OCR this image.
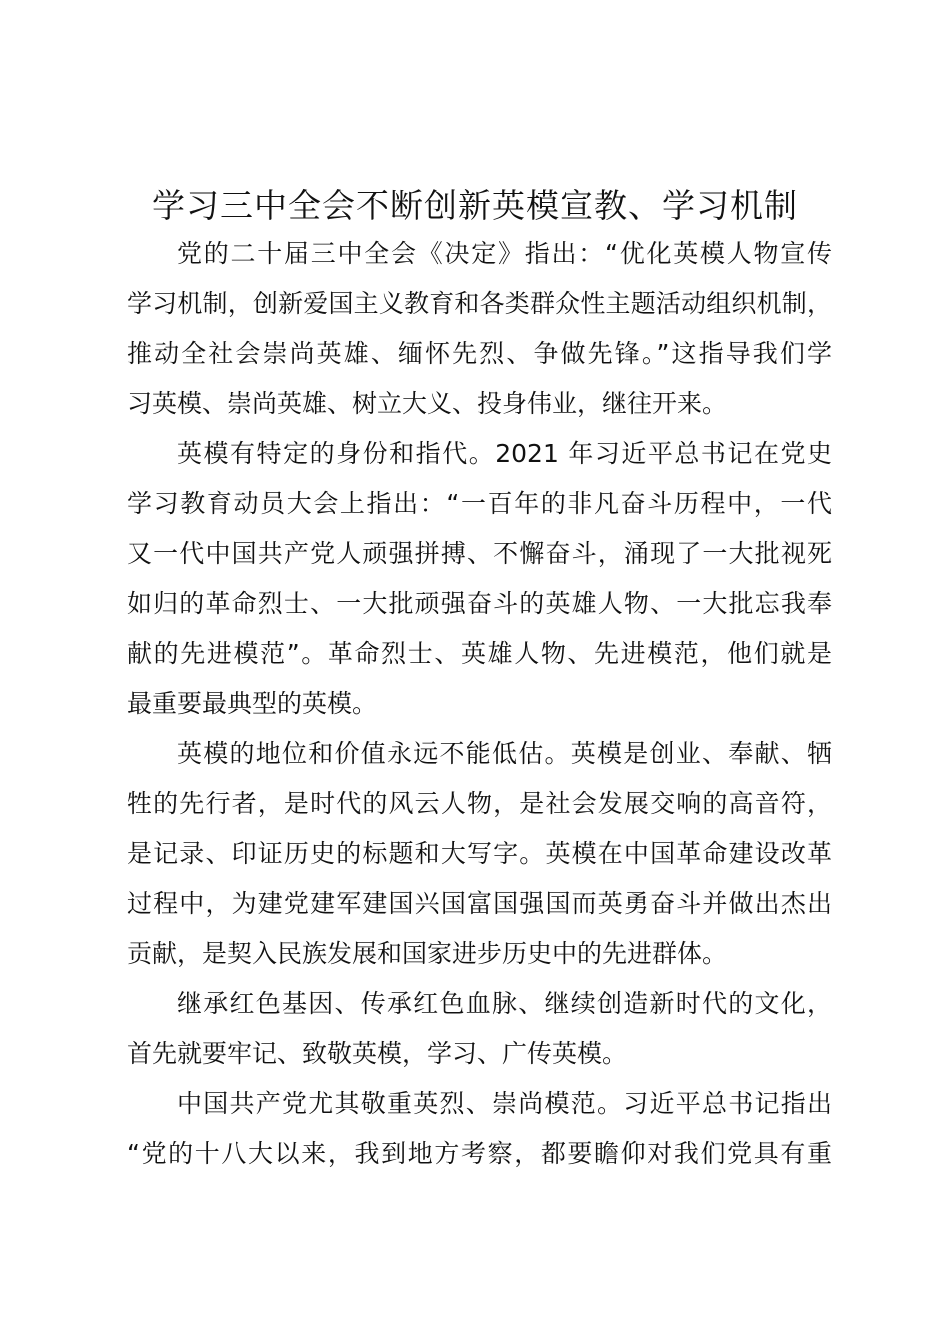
学习三中全会不断创新英模宣教、学习机制
党的二十届三中全会《决定》指出：“优化英模人物宣传
学习机制，创新爱国主义教育和各类群众性主题活动组织机制，
推动全社会崇尚英雄、缅怀先烈、争做先锋。”这指导我们学
习英模、崇尚英雄、树立大义、投身伟业，继往开来。
英模有特定的身份和指代。2021 年习近平总书记在党史
学习教育动员大会上指出：“一百年的非凡奋斗历程中，一代
又一代中国共产党人顽强拼搏、不懈奋斗，涌现了一大批视死
如归的革命烈士、一大批顽强奋斗的英雄人物、一大批忘我奉
献的先进模范”。革命烈士、英雄人物、先进模范，他们就是
最重要最典型的英模。
英模的地位和价值永远不能低估。英模是创业、奉献、牺
牲的先行者，是时代的风云人物，是社会发展交响的高音符，
是记录、印证历史的标题和大写字。英模在中国革命建设改革
过程中，为建党建军建国兴国富国强国而英勇奋斗并做出杰出
贡献，是契入民族发展和国家进步历史中的先进群体。
继承红色基因、传承红色血脉、继续创造新时代的文化，
首先就要牢记、致敬英模，学习、广传英模。
中国共产党尤其敬重英烈、崇尚模范。习近平总书记指出
“党的十八大以来，我到地方考察，都要瞻仰对我们党具有重
